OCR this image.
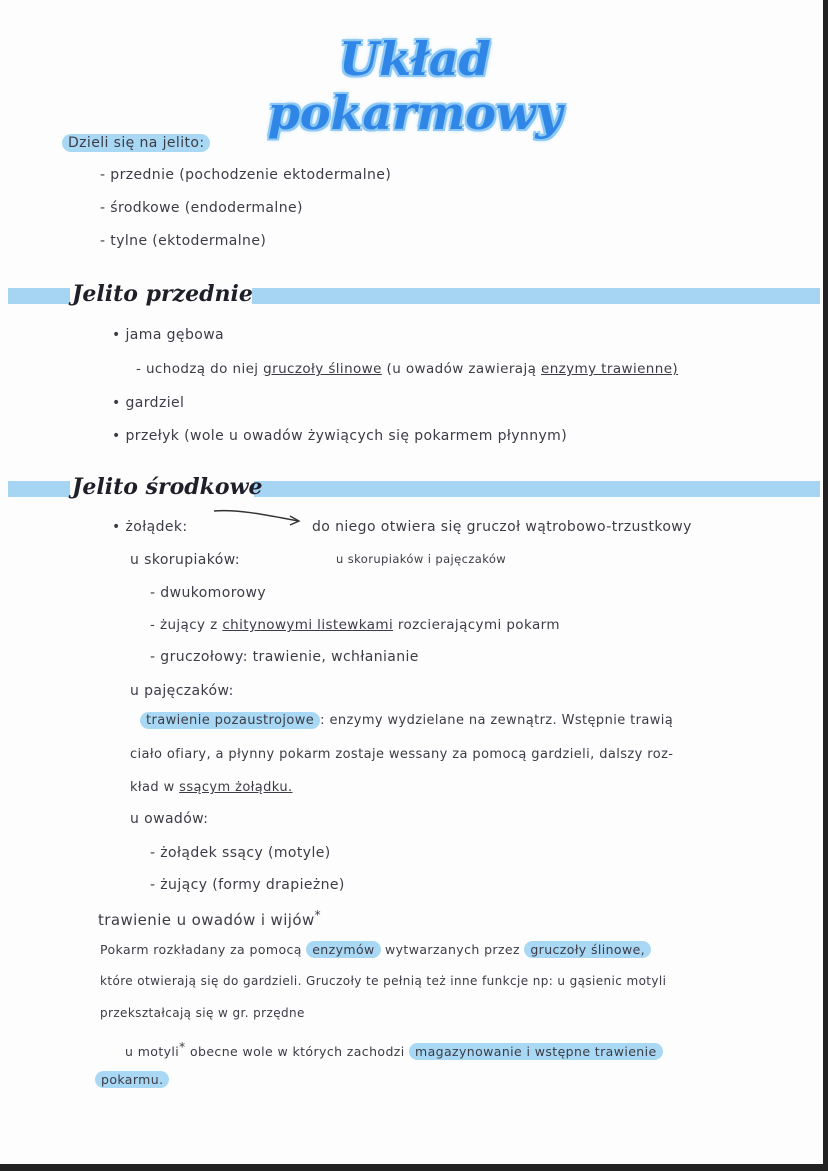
Układ pokarmowy
Dzieli się na jelito:
- przednie (pochodzenie ektodermalne)
- środkowe (endodermalne)
- tylne (ektodermalne)
Jelito przednie
• jama gębowa
- uchodzą do niej gruczoły ślinowe (u owadów zawierają enzymy trawienne)
• gardziel
• przełyk (wole u owadów żywiących się pokarmem płynnym)
Jelito środkowe
• żołądek:	do niego otwiera się gruczoł wątrobowo-trzustkowy
u skorupiaków i pajęczaków
u skorupiaków:
- dwukomorowy
- żujący z chitynowymi listewkami rozcierającymi pokarm
- gruczołowy: trawienie, wchłanianie
u pajęczaków:
trawienie pozaustrojowe : enzymy wydzielane na zewnątrz. Wstępnie trawią
ciało ofiary, a płynny pokarm zostaje wessany za pomocą gardzieli, dalszy roz-
kład w ssącym żołądku.
u owadów:
- żołądek ssący (motyle)
- żujący (formy drapieżne)
trawienie u owadów i wijów*
Pokarm rozkładany za pomocą enzymów wytwarzanych przez gruczoły ślinowe,
które otwierają się do gardzieli. Gruczoły te pełnią też inne funkcje np: u gąsienic motyli
przekształcają się w gr. przędne
u motyli* obecne wole w których zachodzi magazynowanie i wstępne trawienie
pokarmu.
